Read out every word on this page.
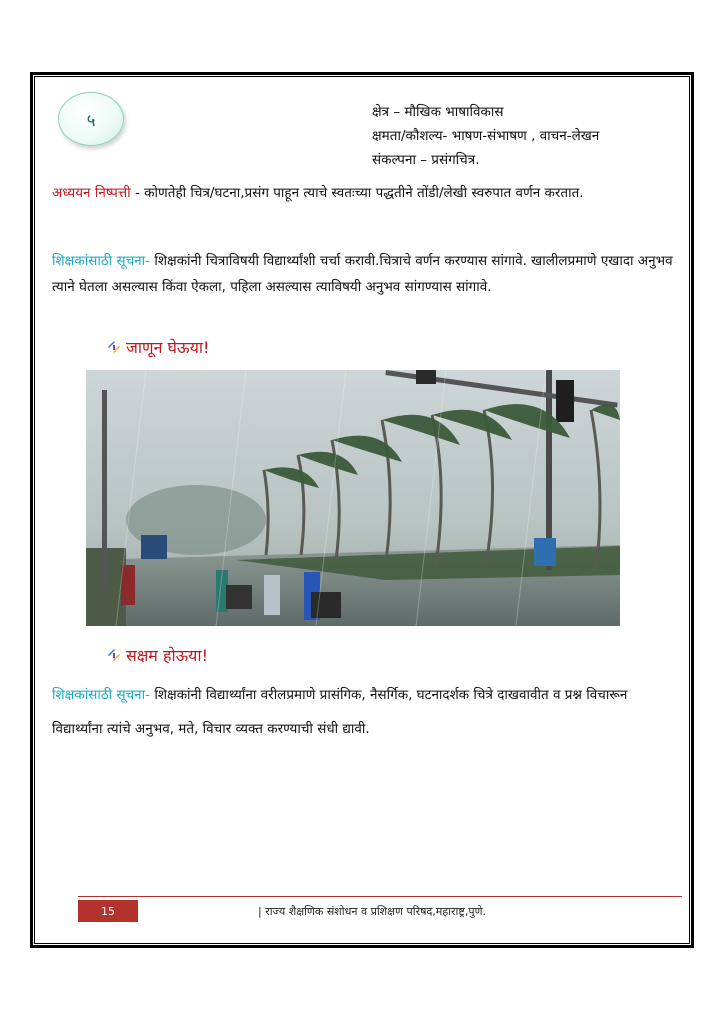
५	क्षेत्र – मौखिक भाषाविकास
क्षमता/कौशल्य- भाषण-संभाषण , वाचन-लेखन
संकल्पना – प्रसंगचित्र.
अध्ययन निष्पत्ती - कोणतेही चित्र/घटना,प्रसंग पाहून त्याचे स्वतःच्या पद्धतीने तोंडी/लेखी स्वरुपात वर्णन करतात.
शिक्षकांसाठी सूचना- शिक्षकांनी चित्राविषयी विद्यार्थ्यांशी चर्चा करावी.चित्राचे वर्णन करण्यास सांगावे. खालीलप्रमाणे एखादा अनुभव त्याने घेतला असल्यास किंवा ऐकला, पहिला असल्यास त्याविषयी अनुभव सांगण्यास सांगावे.
जाणून घेऊया!
सक्षम होऊया!
शिक्षकांसाठी सूचना- शिक्षकांनी विद्यार्थ्यांना वरीलप्रमाणे प्रासंगिक, नैसर्गिक, घटनादर्शक चित्रे दाखवावीत व प्रश्न विचारून विद्यार्थ्यांना त्यांचे अनुभव, मते, विचार व्यक्त करण्याची संधी द्यावी.
15	| राज्य शैक्षणिक संशोधन व प्रशिक्षण परिषद,महाराष्ट्र,पुणे.
